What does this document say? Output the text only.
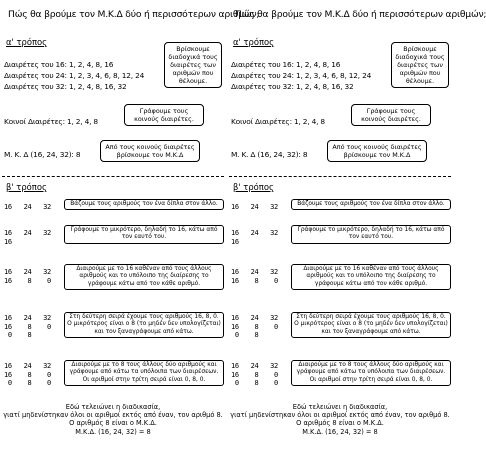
Πώς θα βρούμε τον Μ.Κ.Δ δύο ή περισσότερων αριθμών;
α' τρόπος
Διαιρέτες του 16: 1, 2, 4, 8, 16
Διαιρέτες του 24: 1, 2, 3, 4, 6, 8, 12, 24
Διαιρέτες του 32: 1, 2, 4, 8, 16, 32
Βρίσκουμε διαδοχικά τους διαιρέτες των αριθμών που θέλουμε.
Κοινοί Διαιρέτες: 1, 2, 4, 8
Γράφουμε τους κοινούς διαιρέτες.
Μ. Κ. Δ (16, 24, 32): 8
Από τους κοινούς διαιρέτες βρίσκουμε τον Μ.Κ.Δ
β' τρόπος
16   24   32	Βάζουμε τους αριθμούς τον ένα δίπλα στον άλλο.
16   24   32
16
Γράφουμε το μικρότερο, δηλαδή το 16, κάτω από τον εαυτό του.
16   24   32
16    8    0
Διαιρούμε με το 16 καθέναν από τους άλλους αριθμούς και το υπόλοιπο της διαίρεσης το γράφουμε κάτω από τον κάθε αριθμό.
16   24   32
16    8    0
0    8
Στη δεύτερη σειρά έχουμε τους αριθμούς 16, 8, 0. Ο μικρότερος είναι ο 8 (το μηδέν δεν υπολογίζεται) και τον ξαναγράφουμε από κάτω.
16   24   32
16    8    0
0    8    0
Διαιρούμε με το 8 τους άλλους δύο αριθμούς και γράφουμε από κάτω τα υπόλοιπα των διαιρέσεων. Οι αριθμοί στην τρίτη σειρά είναι 0, 8, 0.
Εδώ τελειώνει η διαδικασία,
γιατί μηδενίστηκαν όλοι οι αριθμοί εκτός από έναν, τον αριθμό 8.
Ο αριθμός 8 είναι ο Μ.Κ.Δ.
Μ.Κ.Δ. (16, 24, 32) = 8
Πώς θα βρούμε τον Μ.Κ.Δ δύο ή περισσότερων αριθμών;
α' τρόπος
Διαιρέτες του 16: 1, 2, 4, 8, 16
Διαιρέτες του 24: 1, 2, 3, 4, 6, 8, 12, 24
Διαιρέτες του 32: 1, 2, 4, 8, 16, 32
Βρίσκουμε διαδοχικά τους διαιρέτες των αριθμών που θέλουμε.
Κοινοί Διαιρέτες: 1, 2, 4, 8
Γράφουμε τους κοινούς διαιρέτες.
Μ. Κ. Δ (16, 24, 32): 8
Από τους κοινούς διαιρέτες βρίσκουμε τον Μ.Κ.Δ
β' τρόπος
16   24   32	Βάζουμε τους αριθμούς τον ένα δίπλα στον άλλο.
16   24   32
16
Γράφουμε το μικρότερο, δηλαδή το 16, κάτω από τον εαυτό του.
16   24   32
16    8    0
Διαιρούμε με το 16 καθέναν από τους άλλους αριθμούς και το υπόλοιπο της διαίρεσης το γράφουμε κάτω από τον κάθε αριθμό.
16   24   32
16    8    0
0    8
Στη δεύτερη σειρά έχουμε τους αριθμούς 16, 8, 0. Ο μικρότερος είναι ο 8 (το μηδέν δεν υπολογίζεται) και τον ξαναγράφουμε από κάτω.
16   24   32
16    8    0
0    8    0
Διαιρούμε με το 8 τους άλλους δύο αριθμούς και γράφουμε από κάτω τα υπόλοιπα των διαιρέσεων. Οι αριθμοί στην τρίτη σειρά είναι 0, 8, 0.
Εδώ τελειώνει η διαδικασία,
γιατί μηδενίστηκαν όλοι οι αριθμοί εκτός από έναν, τον αριθμό 8.
Ο αριθμός 8 είναι ο Μ.Κ.Δ.
Μ.Κ.Δ. (16, 24, 32) = 8
